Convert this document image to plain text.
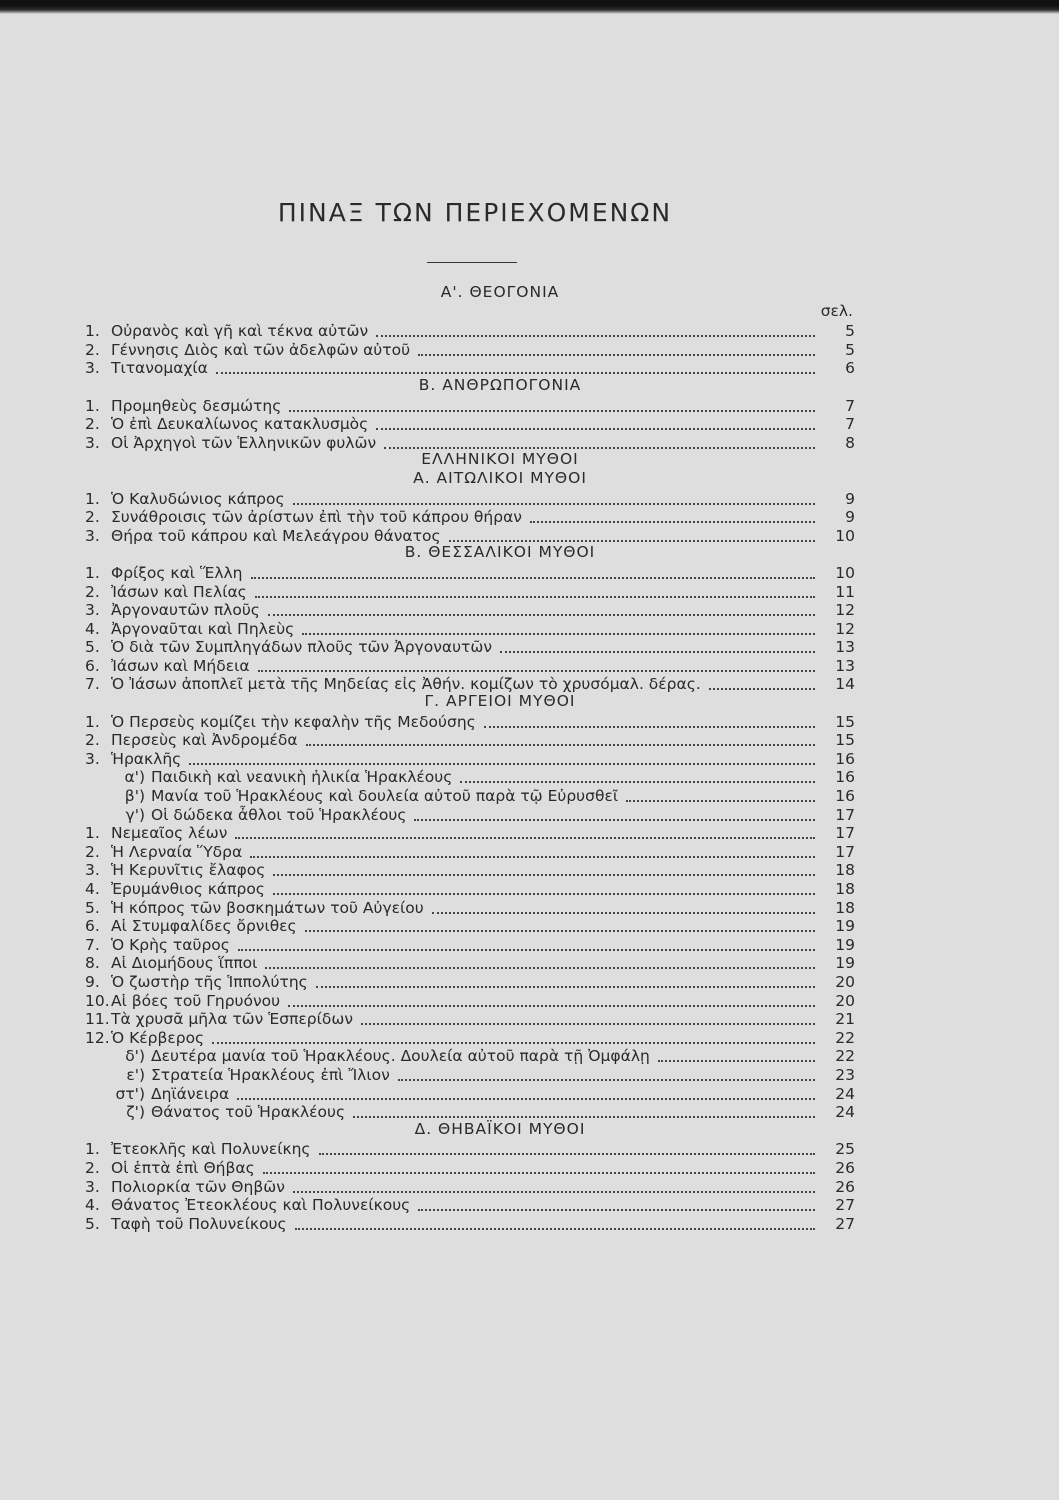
ΠΙΝΑΞ ΤΩΝ ΠΕΡΙΕΧΟΜΕΝΩΝ
Α'. ΘΕΟΓΟΝΙΑ
σελ.
1. Οὐρανὸς καὶ γῆ καὶ τέκνα αὐτῶν	5
2. Γέννησις Διὸς καὶ τῶν ἀδελφῶν αὐτοῦ	5
3. Τιτανομαχία	6
Β. ΑΝΘΡΩΠΟΓΟΝΙΑ
1. Προμηθεὺς δεσμώτης	7
2. Ὁ ἐπὶ Δευκαλίωνος κατακλυσμὸς	7
3. Οἱ Ἀρχηγοὶ τῶν Ἑλληνικῶν φυλῶν	8
ΕΛΛΗΝΙΚΟΙ ΜΥΘΟΙ
Α. ΑΙΤΩΛΙΚΟΙ ΜΥΘΟΙ
1. Ὁ Καλυδώνιος κάπρος	9
2. Συνάθροισις τῶν ἀρίστων ἐπὶ τὴν τοῦ κάπρου θήραν	9
3. Θήρα τοῦ κάπρου καὶ Μελεάγρου θάνατος	10
Β. ΘΕΣΣΑΛΙΚΟΙ ΜΥΘΟΙ
1. Φρίξος καὶ Ἕλλη	10
2. Ἰάσων καὶ Πελίας	11
3. Ἀργοναυτῶν πλοῦς	12
4. Ἀργοναῦται καὶ Πηλεὺς	12
5. Ὁ διὰ τῶν Συμπληγάδων πλοῦς τῶν Ἀργοναυτῶν	13
6. Ἰάσων καὶ Μήδεια	13
7. Ὁ Ἰάσων ἀποπλεῖ μετὰ τῆς Μηδείας εἰς Ἀθήν. κομίζων τὸ χρυσόμαλ. δέρας.	14
Γ. ΑΡΓΕΙΟΙ ΜΥΘΟΙ
1. Ὁ Περσεὺς κομίζει τὴν κεφαλὴν τῆς Μεδούσης	15
2. Περσεὺς καὶ Ἀνδρομέδα	15
3. Ἡρακλῆς	16
α') Παιδικὴ καὶ νεανικὴ ἡλικία Ἡρακλέους	16
β') Μανία τοῦ Ἡρακλέους καὶ δουλεία αὐτοῦ παρὰ τῷ Εὐρυσθεῖ	16
γ') Οἱ δώδεκα ἆθλοι τοῦ Ἡρακλέους	17
1. Νεμεαῖος λέων	17
2. Ἡ Λερναία Ὕδρα	17
3. Ἡ Κερυνῖτις ἔλαφος	18
4. Ἐρυμάνθιος κάπρος	18
5. Ἡ κόπρος τῶν βοσκημάτων τοῦ Αὐγείου	18
6. Αἱ Στυμφαλίδες ὄρνιθες	19
7. Ὁ Κρὴς ταῦρος	19
8. Αἱ Διομήδους ἵπποι	19
9. Ὁ ζωστὴρ τῆς Ἱππολύτης	20
10. Αἱ βόες τοῦ Γηρυόνου	20
11. Τὰ χρυσᾶ μῆλα τῶν Ἑσπερίδων	21
12. Ὁ Κέρβερος	22
δ') Δευτέρα μανία τοῦ Ἡρακλέους. Δουλεία αὐτοῦ παρὰ τῇ Ὀμφάλῃ	22
ε') Στρατεία Ἡρακλέους ἐπὶ Ἴλιον	23
στ') Δηϊάνειρα	24
ζ') Θάνατος τοῦ Ἡρακλέους	24
Δ. ΘΗΒΑΪΚΟΙ ΜΥΘΟΙ
1. Ἐτεοκλῆς καὶ Πολυνείκης	25
2. Οἱ ἑπτὰ ἐπὶ Θήβας	26
3. Πολιορκία τῶν Θηβῶν	26
4. Θάνατος Ἐτεοκλέους καὶ Πολυνείκους	27
5. Ταφὴ τοῦ Πολυνείκους	27
